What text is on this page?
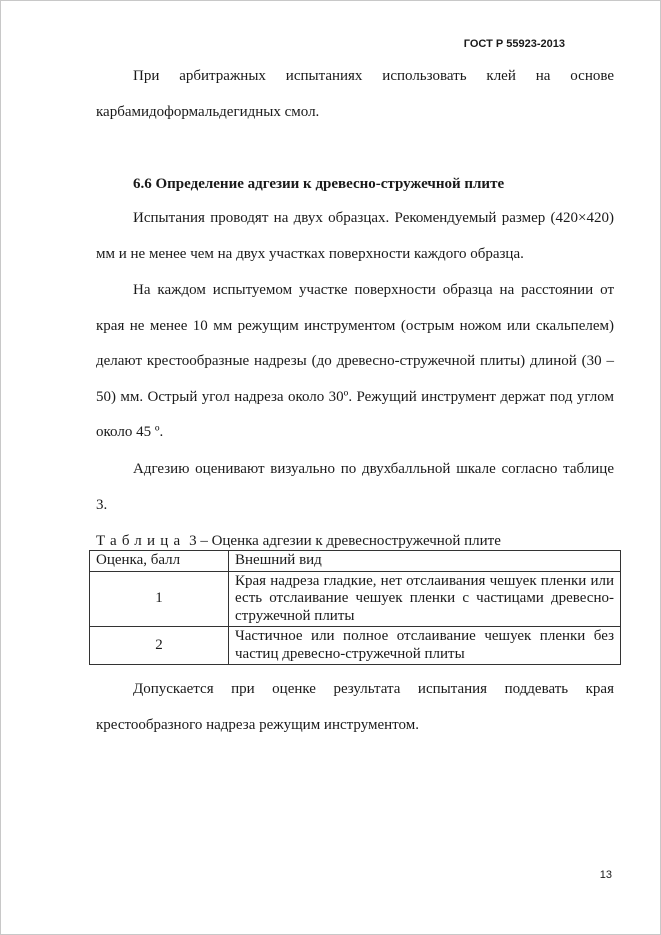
ГОСТ Р 55923-2013

При арбитражных испытаниях использовать клей на основе карбамидоформальдегидных смол.

6.6 Определение адгезии к древесно-стружечной плите

Испытания проводят на двух образцах. Рекомендуемый размер (420×420) мм и не менее чем на двух участках поверхности каждого образца.

На каждом испытуемом участке поверхности образца на расстоянии от края не менее 10 мм режущим инструментом (острым ножом или скальпелем) делают крестообразные надрезы (до древесно-стружечной плиты) длиной (30 – 50) мм. Острый угол надреза около 30º. Режущий инструмент держат под углом около 45 º.

Адгезию оценивают визуально по двухбалльной шкале согласно таблице 3.

Таблица 3 – Оценка адгезии к древесностружечной плите
Оценка, балл	Внешний вид
1	Края надреза гладкие, нет отслаивания чешуек пленки или есть отслаивание чешуек пленки с частицами древесно-стружечной плиты
2	Частичное или полное отслаивание чешуек пленки без частиц древесно-стружечной плиты

Допускается при оценке результата испытания поддевать края крестообразного надреза режущим инструментом.

13
